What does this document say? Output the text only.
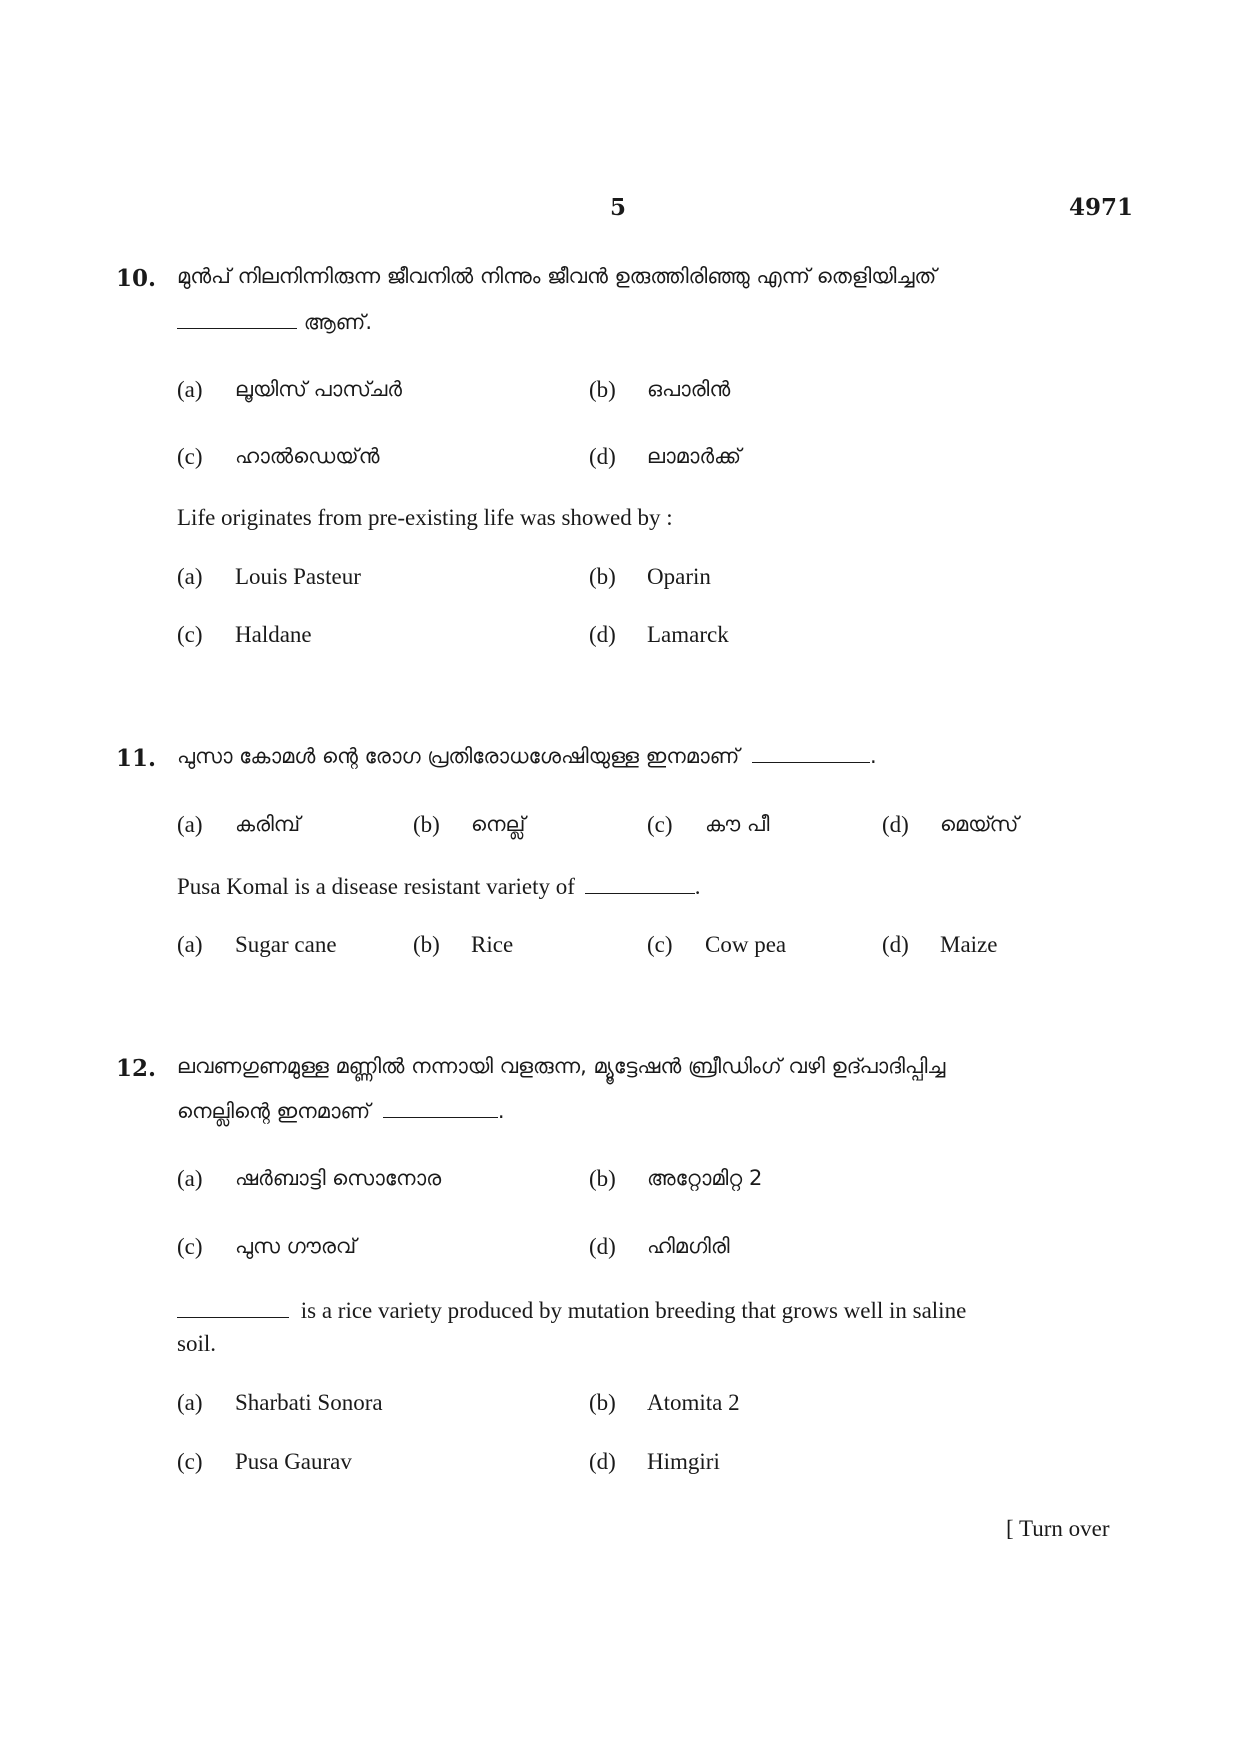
5	4971
10. മുൻപ് നിലനിന്നിരുന്ന ജീവനിൽ നിന്നും ജീവൻ ഉരുത്തിരിഞ്ഞു എന്ന് തെളിയിച്ചത്
ആണ്.
(a) ലൂയിസ് പാസ്ചർ	(b) ഒപാരിൻ
(c) ഹാൽഡെയ്ൻ	(d) ലാമാർക്ക്
Life originates from pre-existing life was showed by :
(a) Louis Pasteur	(b) Oparin
(c) Haldane	(d) Lamarck
11. പുസാ കോമൾ ന്റെ രോഗ പ്രതിരോധശേഷിയുള്ള ഇനമാണ്	.
(a) കരിമ്പ്	(b) നെല്ല്	(c) കൗ പീ	(d) മെയ്സ്
Pusa Komal is a disease resistant variety of	.
(a) Sugar cane	(b) Rice	(c) Cow pea	(d) Maize
12. ലവണഗുണമുള്ള മണ്ണിൽ നന്നായി വളരുന്ന, മ്യൂട്ടേഷൻ ബ്രീഡിംഗ് വഴി ഉദ്പാദിപ്പിച്ച
നെല്ലിന്റെ ഇനമാണ്	.
(a) ഷർബാട്ടി സൊനോര	(b) അറ്റോമിറ്റ 2
(c) പുസ ഗൗരവ്	(d) ഹിമഗിരി
is a rice variety produced by mutation breeding that grows well in saline
soil.
(a) Sharbati Sonora	(b) Atomita 2
(c) Pusa Gaurav	(d) Himgiri
[ Turn over
